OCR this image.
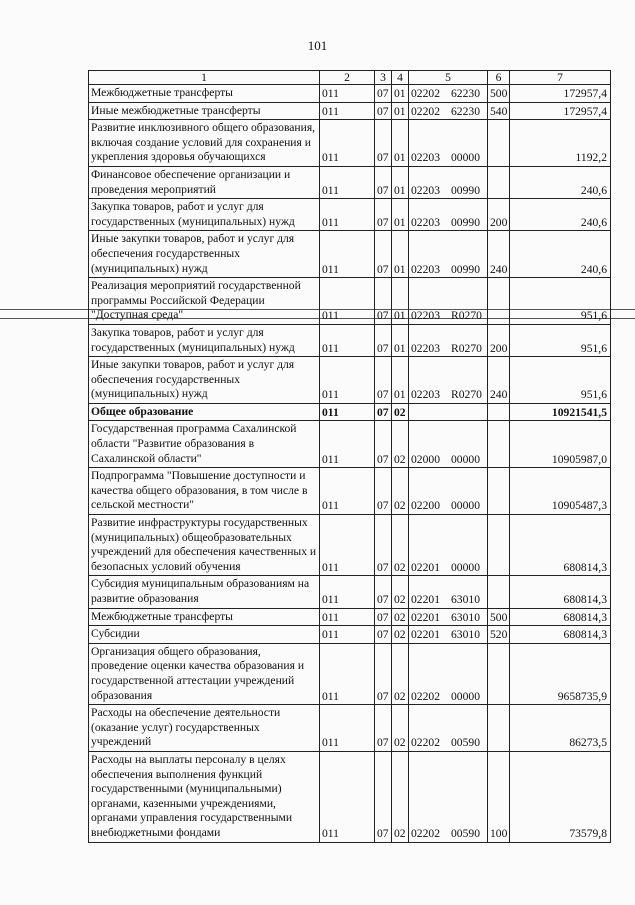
101
1	2	3	4	5	6	7
Межбюджетные трансферты	011	07	01	02202 62230	500	172957,4
Иные межбюджетные трансферты	011	07	01	02202 62230	540	172957,4
Развитие инклюзивного общего образования, включая создание условий для сохранения и укрепления здоровья обучающихся	011	07	01	02203 00000		1192,2
Финансовое обеспечение организации и проведения мероприятий	011	07	01	02203 00990		240,6
Закупка товаров, работ и услуг для государственных (муниципальных) нужд	011	07	01	02203 00990	200	240,6
Иные закупки товаров, работ и услуг для обеспечения государственных (муниципальных) нужд	011	07	01	02203 00990	240	240,6
Реализация мероприятий государственной программы Российской Федерации "Доступная среда"	011	07	01	02203 R0270		951,6
Закупка товаров, работ и услуг для государственных (муниципальных) нужд	011	07	01	02203 R0270	200	951,6
Иные закупки товаров, работ и услуг для обеспечения государственных (муниципальных) нужд	011	07	01	02203 R0270	240	951,6
Общее образование	011	07	02			10921541,5
Государственная программа Сахалинской области "Развитие образования в Сахалинской области"	011	07	02	02000 00000		10905987,0
Подпрограмма "Повышение доступности и качества общего образования, в том числе в сельской местности"	011	07	02	02200 00000		10905487,3
Развитие инфраструктуры государственных (муниципальных) общеобразовательных учреждений для обеспечения качественных и безопасных условий обучения	011	07	02	02201 00000		680814,3
Субсидия муниципальным образованиям на развитие образования	011	07	02	02201 63010		680814,3
Межбюджетные трансферты	011	07	02	02201 63010	500	680814,3
Субсидии	011	07	02	02201 63010	520	680814,3
Организация общего образования, проведение оценки качества образования и государственной аттестации учреждений образования	011	07	02	02202 00000		9658735,9
Расходы на обеспечение деятельности (оказание услуг) государственных учреждений	011	07	02	02202 00590		86273,5
Расходы на выплаты персоналу в целях обеспечения выполнения функций государственными (муниципальными) органами, казенными учреждениями, органами управления государственными внебюджетными фондами	011	07	02	02202 00590	100	73579,8
